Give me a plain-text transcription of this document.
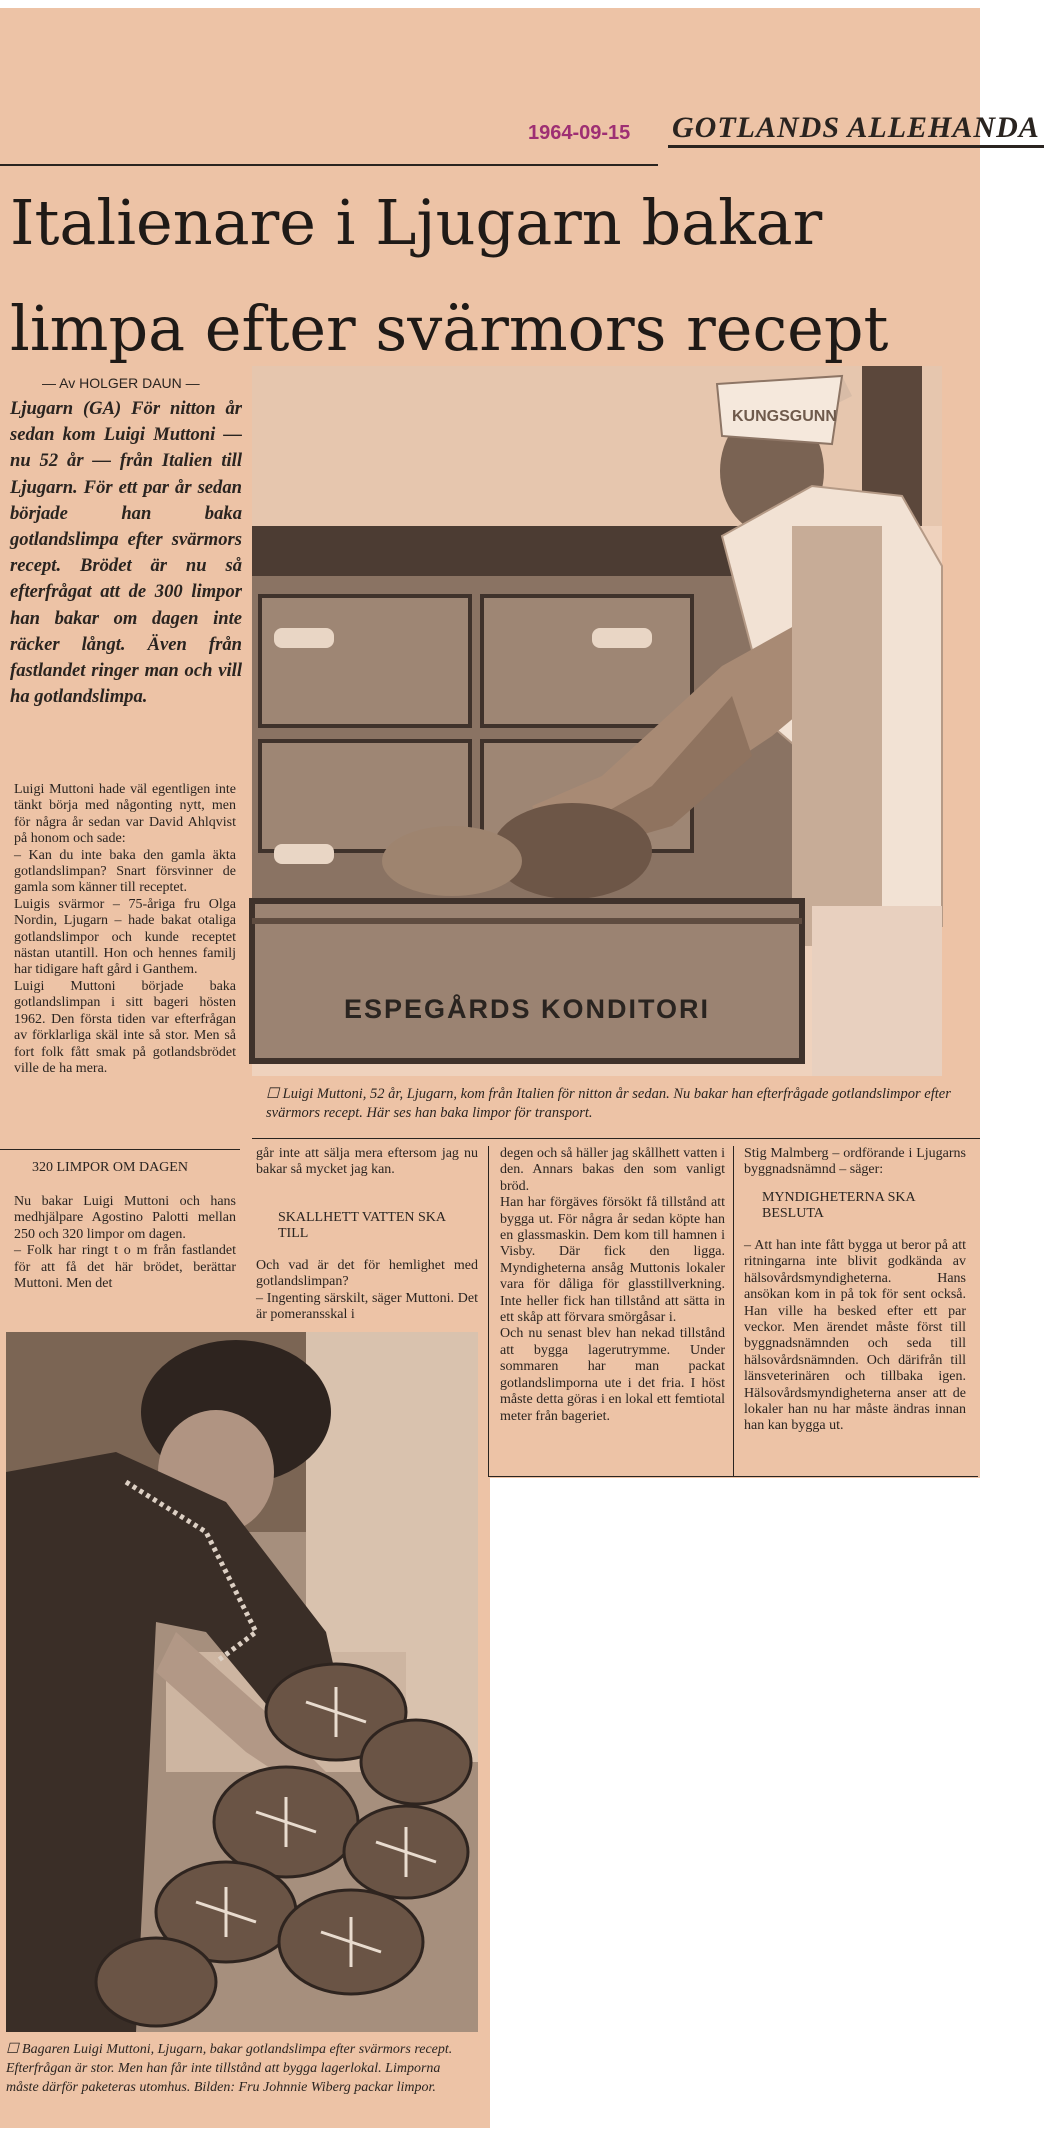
1964-09-15 GOTLANDS ALLEHANDA
Italienare i Ljugarn bakar
limpa efter svärmors recept
— Av HOLGER DAUN —
Ljugarn (GA) För nitton år sedan kom Luigi Muttoni — nu 52 år — från Italien till Ljugarn. För ett par år sedan började han baka gotlandslimpa efter svärmors recept. Brödet är nu så efterfrågat att de 300 limpor han bakar om dagen inte räcker långt. Även från fastlandet ringer man och vill ha gotlandslimpa.

Luigi Muttoni hade väl egentligen inte tänkt börja med någonting nytt, men för några år sedan var David Ahlqvist på honom och sade:

– Kan du inte baka den gamla äkta gotlandslimpan? Snart försvinner de gamla som känner till receptet.

Luigis svärmor – 75-åriga fru Olga Nordin, Ljugarn – hade bakat otaliga gotlandslimpor och kunde receptet nästan utantill. Hon och hennes familj har tidigare haft gård i Ganthem.

Luigi Muttoni började baka gotlandslimpan i sitt bageri hösten 1962. Den första tiden var efterfrågan av förklarliga skäl inte så stor. Men så fort folk fått smak på gotlandsbrödet ville de ha mera.

320 LIMPOR OM DAGEN

Nu bakar Luigi Muttoni och hans medhjälpare Agostino Palotti mellan 250 och 320 limpor om dagen.

– Folk har ringt t o m från fastlandet för att få det här brödet, berättar Muttoni. Men det

KUNGSGUNN
ESPEGÅRDS KONDITORI
☐ Luigi Muttoni, 52 år, Ljugarn, kom från Italien för nitton år sedan. Nu bakar han efterfrågade gotlandslimpor efter svärmors recept. Här ses han baka limpor för transport.

går inte att sälja mera eftersom jag nu bakar så mycket jag kan.

SKALLHETT VATTEN SKA TILL

Och vad är det för hemlighet med gotlandslimpan?

– Ingenting särskilt, säger Muttoni. Det är pomeransskal i

degen och så häller jag skållhett vatten i den. Annars bakas den som vanligt bröd.

Han har förgäves försökt få tillstånd att bygga ut. För några år sedan köpte han en glassmaskin. Dem kom till hamnen i Visby. Där fick den ligga. Myndigheterna ansåg Muttonis lokaler vara för dåliga för glasstillverkning. Inte heller fick han tillstånd att sätta in ett skåp att förvara smörgåsar i.

Och nu senast blev han nekad tillstånd att bygga lagerutrymme. Under sommaren har man packat gotlandslimporna ute i det fria. I höst måste detta göras i en lokal ett femtiotal meter från bageriet.

Stig Malmberg – ordförande i Ljugarns byggnadsnämnd – säger:

MYNDIGHETERNA SKA BESLUTA

– Att han inte fått bygga ut beror på att ritningarna inte blivit godkända av hälsovårdsmyndigheterna. Hans ansökan kom in på tok för sent också. Han ville ha besked efter ett par veckor. Men ärendet måste först till byggnadsnämnden och seda till hälsovårdsnämnden. Och därifrån till länsveterinären och tillbaka igen. Hälsovårdsmyndigheterna anser att de lokaler han nu har måste ändras innan han kan bygga ut.

☐ Bagaren Luigi Muttoni, Ljugarn, bakar gotlandslimpa efter svärmors recept. Efterfrågan är stor. Men han får inte tillstånd att bygga lagerlokal. Limporna måste därför paketeras utomhus. Bilden: Fru Johnnie Wiberg packar limpor.
